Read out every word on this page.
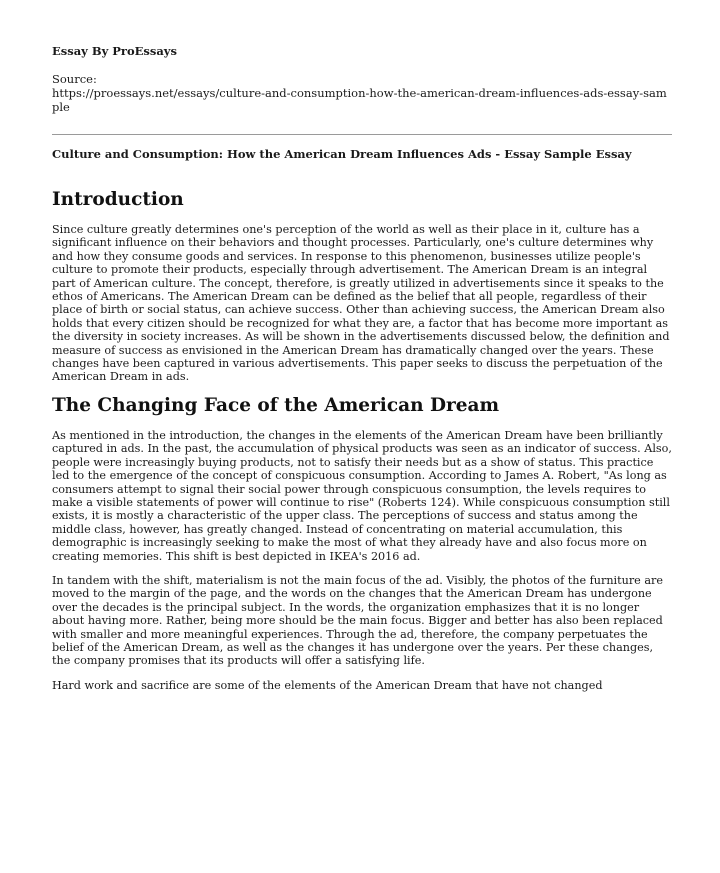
Essay By ProEssays
Source:
https://proessays.net/essays/culture-and-consumption-how-the-american-dream-influences-ads-essay-sample
Culture and Consumption: How the American Dream Influences Ads - Essay Sample Essay
Introduction

Since culture greatly determines one's perception of the world as well as their place in it, culture has a significant influence on their behaviors and thought processes. Particularly, one's culture determines why and how they consume goods and services. In response to this phenomenon, businesses utilize people's culture to promote their products, especially through advertisement. The American Dream is an integral part of American culture. The concept, therefore, is greatly utilized in advertisements since it speaks to the ethos of Americans. The American Dream can be defined as the belief that all people, regardless of their place of birth or social status, can achieve success. Other than achieving success, the American Dream also holds that every citizen should be recognized for what they are, a factor that has become more important as the diversity in society increases. As will be shown in the advertisements discussed below, the definition and measure of success as envisioned in the American Dream has dramatically changed over the years. These changes have been captured in various advertisements. This paper seeks to discuss the perpetuation of the American Dream in ads.

The Changing Face of the American Dream

As mentioned in the introduction, the changes in the elements of the American Dream have been brilliantly captured in ads. In the past, the accumulation of physical products was seen as an indicator of success. Also, people were increasingly buying products, not to satisfy their needs but as a show of status. This practice led to the emergence of the concept of conspicuous consumption. According to James A. Robert, "As long as consumers attempt to signal their social power through conspicuous consumption, the levels requires to make a visible statements of power will continue to rise" (Roberts 124). While conspicuous consumption still exists, it is mostly a characteristic of the upper class. The perceptions of success and status among the middle class, however, has greatly changed. Instead of concentrating on material accumulation, this demographic is increasingly seeking to make the most of what they already have and also focus more on creating memories. This shift is best depicted in IKEA's 2016 ad.

In tandem with the shift, materialism is not the main focus of the ad. Visibly, the photos of the furniture are moved to the margin of the page, and the words on the changes that the American Dream has undergone over the decades is the principal subject. In the words, the organization emphasizes that it is no longer about having more. Rather, being more should be the main focus. Bigger and better has also been replaced with smaller and more meaningful experiences. Through the ad, therefore, the company perpetuates the belief of the American Dream, as well as the changes it has undergone over the years. Per these changes, the company promises that its products will offer a satisfying life.

Hard work and sacrifice are some of the elements of the American Dream that have not changed
